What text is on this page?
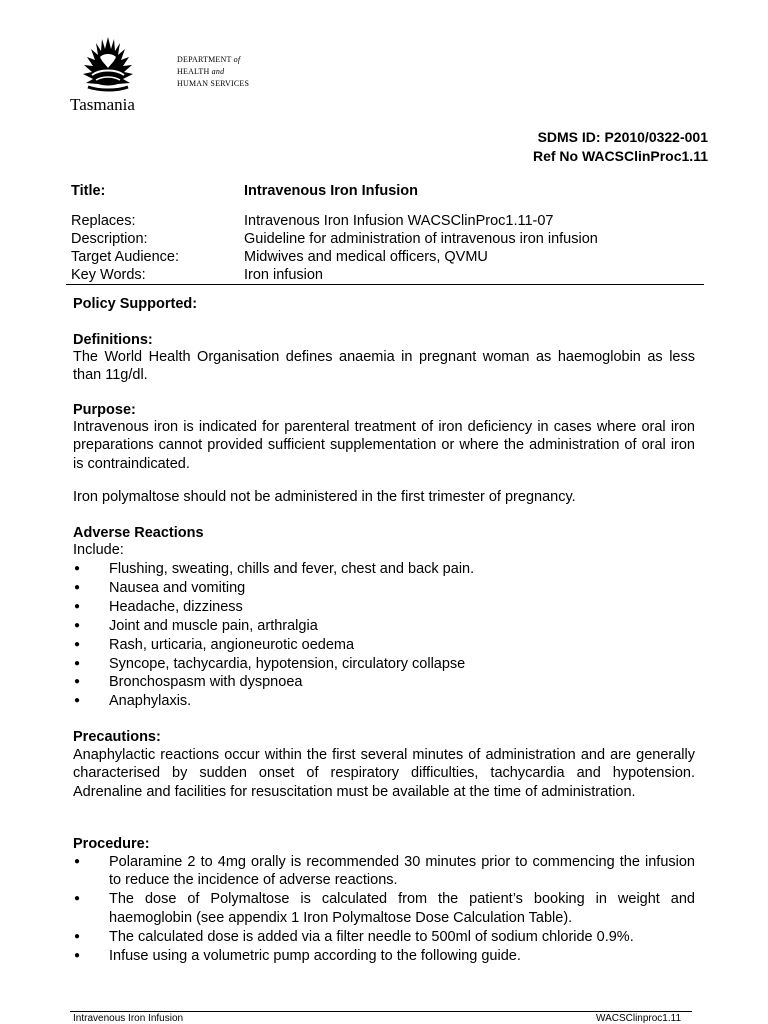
DEPARTMENT of
HEALTH and
HUMAN SERVICES
Tasmania
SDMS ID: P2010/0322-001
Ref No WACSClinProc1.11
Title:	Intravenous Iron Infusion
Replaces:	Intravenous Iron Infusion WACSClinProc1.11-07
Description:	Guideline for administration of intravenous iron infusion
Target Audience:	Midwives and medical officers, QVMU
Key Words:	Iron infusion
Policy Supported:
Definitions:
The World Health Organisation defines anaemia in pregnant woman as haemoglobin as less than 11g/dl.
Purpose:
Intravenous iron is indicated for parenteral treatment of iron deficiency in cases where oral iron preparations cannot provided sufficient supplementation or where the administration of oral iron is contraindicated.
Iron polymaltose should not be administered in the first trimester of pregnancy.
Adverse Reactions
Include:
● Flushing, sweating, chills and fever, chest and back pain.
● Nausea and vomiting
● Headache, dizziness
● Joint and muscle pain, arthralgia
● Rash, urticaria, angioneurotic oedema
● Syncope, tachycardia, hypotension, circulatory collapse
● Bronchospasm with dyspnoea
● Anaphylaxis.
Precautions:
Anaphylactic reactions occur within the first several minutes of administration and are generally characterised by sudden onset of respiratory difficulties, tachycardia and hypotension. Adrenaline and facilities for resuscitation must be available at the time of administration.
Procedure:
● Polaramine 2 to 4mg orally is recommended 30 minutes prior to commencing the infusion to reduce the incidence of adverse reactions.
● The dose of Polymaltose is calculated from the patient’s booking in weight and haemoglobin (see appendix 1 Iron Polymaltose Dose Calculation Table).
● The calculated dose is added via a filter needle to 500ml of sodium chloride 0.9%.
● Infuse using a volumetric pump according to the following guide.
Intravenous Iron Infusion	WACSClinproc1.11
